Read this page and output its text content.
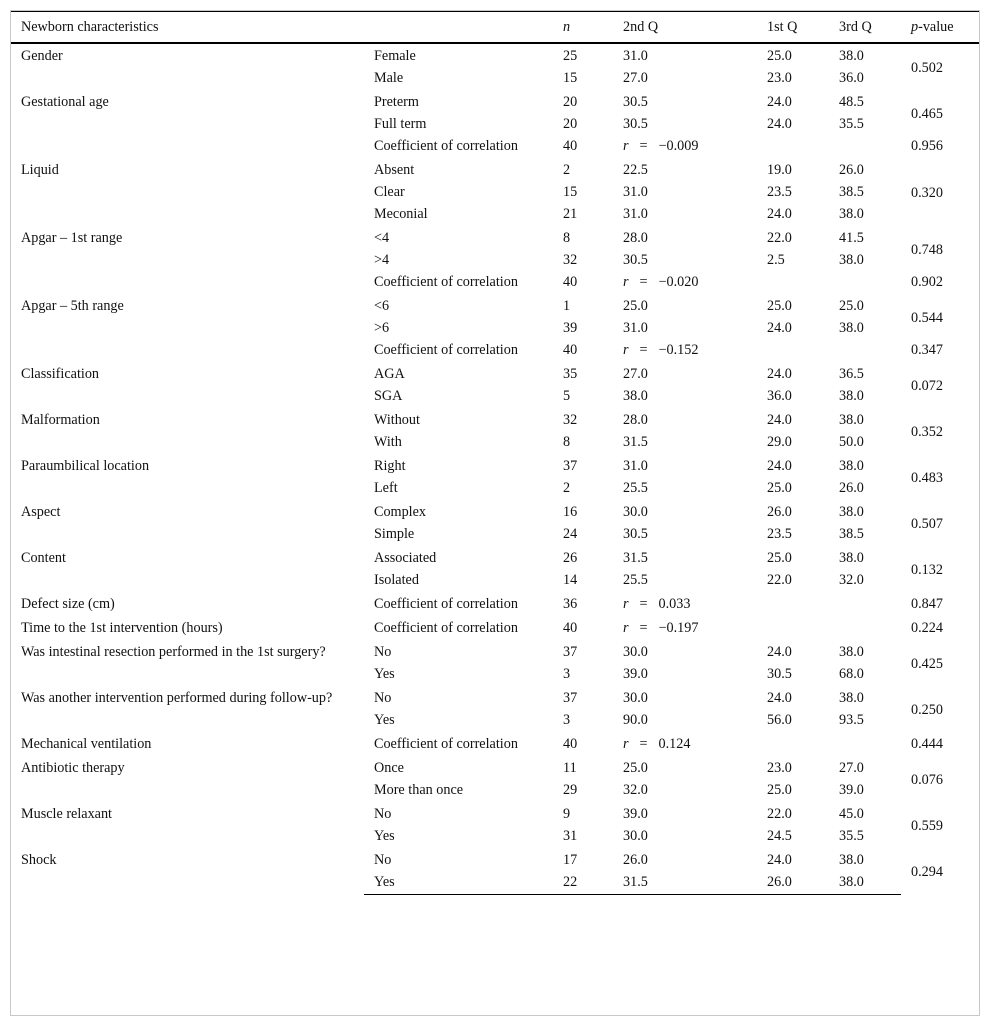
Newborn characteristics		n	2nd Q	1st Q	3rd Q	p-value
Gender	Female	25	31.0	25.0	38.0	0.502
	Male	15	27.0	23.0	36.0	
Gestational age	Preterm	20	30.5	24.0	48.5	0.465
	Full term	20	30.5	24.0	35.5	
	Coefficient of correlation	40	r = −0.009			0.956
Liquid	Absent	2	22.5	19.0	26.0	0.320
	Clear	15	31.0	23.5	38.5	
	Meconial	21	31.0	24.0	38.0	
Apgar – 1st range	<4	8	28.0	22.0	41.5	0.748
	>4	32	30.5	2.5	38.0	
	Coefficient of correlation	40	r = −0.020			0.902
Apgar – 5th range	<6	1	25.0	25.0	25.0	0.544
	>6	39	31.0	24.0	38.0	
	Coefficient of correlation	40	r = −0.152			0.347
Classification	AGA	35	27.0	24.0	36.5	0.072
	SGA	5	38.0	36.0	38.0	
Malformation	Without	32	28.0	24.0	38.0	0.352
	With	8	31.5	29.0	50.0	
Paraumbilical location	Right	37	31.0	24.0	38.0	0.483
	Left	2	25.5	25.0	26.0	
Aspect	Complex	16	30.0	26.0	38.0	0.507
	Simple	24	30.5	23.5	38.5	
Content	Associated	26	31.5	25.0	38.0	0.132
	Isolated	14	25.5	22.0	32.0	
Defect size (cm)	Coefficient of correlation	36	r = 0.033			0.847
Time to the 1st intervention (hours)	Coefficient of correlation	40	r = −0.197			0.224
Was intestinal resection performed in the 1st surgery?	No	37	30.0	24.0	38.0	0.425
	Yes	3	39.0	30.5	68.0	
Was another intervention performed during follow-up?	No	37	30.0	24.0	38.0	0.250
	Yes	3	90.0	56.0	93.5	
Mechanical ventilation	Coefficient of correlation	40	r = 0.124			0.444
Antibiotic therapy	Once	11	25.0	23.0	27.0	0.076
	More than once	29	32.0	25.0	39.0	
Muscle relaxant	No	9	39.0	22.0	45.0	0.559
	Yes	31	30.0	24.5	35.5	
Shock	No	17	26.0	24.0	38.0	0.294
	Yes	22	31.5	26.0	38.0	
